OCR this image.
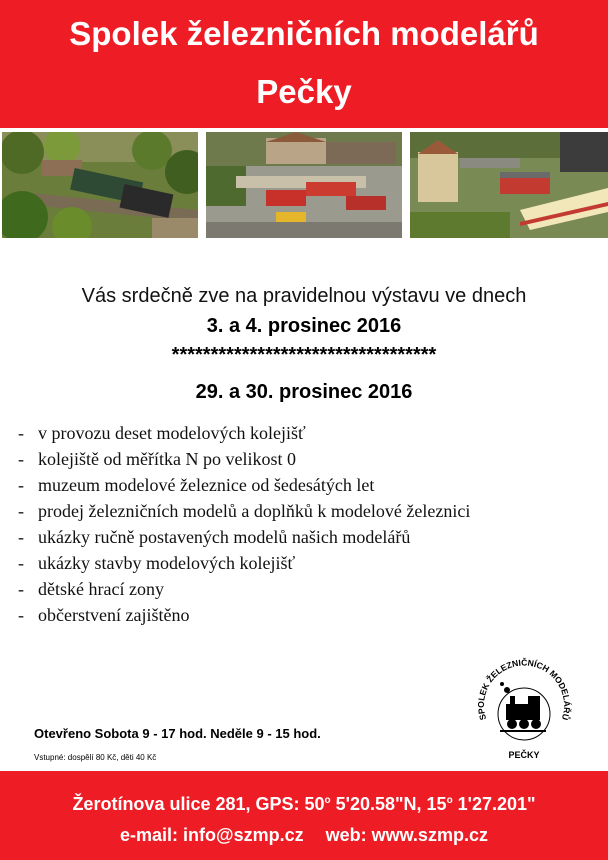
Spolek železničních modelářů
Pečky
Vás srdečně zve na pravidelnou výstavu ve dnech
3. a 4. prosinec 2016
**********************************
29. a 30. prosinec 2016
- v provozu deset modelových kolejišť
- kolejiště od měřítka N po velikost 0
- muzeum modelové železnice od šedesátých let
- prodej železničních modelů a doplňků k modelové železnici
- ukázky ručně postavených modelů našich modelářů
- ukázky stavby modelových kolejišť
- dětské hrací zony
- občerstvení zajištěno
Otevřeno Sobota 9 - 17 hod. Neděle 9 - 15 hod.
Vstupné: dospělí 80 Kč, děti 40 Kč
SPOLEK ŽELEZNIČNÍCH MODELÁŘŮ
PEČKY
Žerotínova ulice 281, GPS: 50$^o$ 5'20.58"N, 15$^o$ 1'27.201"
e-mail: info@szmp.cz web: www.szmp.cz
